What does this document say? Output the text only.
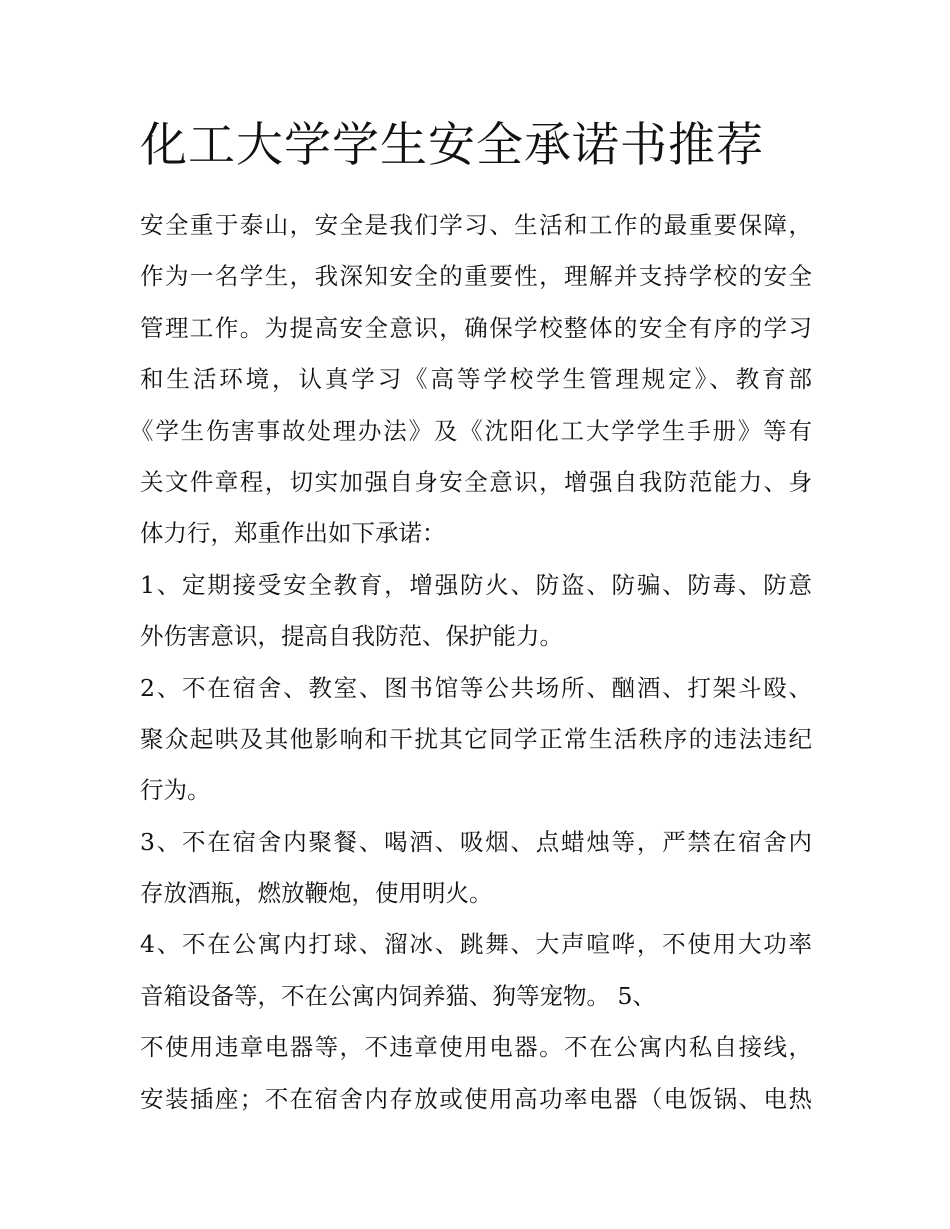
化工大学学生安全承诺书推荐
安全重于泰山，安全是我们学习、生活和工作的最重要保障，
作为一名学生，我深知安全的重要性，理解并支持学校的安全
管理工作。为提高安全意识，确保学校整体的安全有序的学习
和生活环境，认真学习《高等学校学生管理规定》、教育部
《学生伤害事故处理办法》及《沈阳化工大学学生手册》等有
关文件章程，切实加强自身安全意识，增强自我防范能力、身
体力行，郑重作出如下承诺：
1、定期接受安全教育，增强防火、防盗、防骗、防毒、防意
外伤害意识，提高自我防范、保护能力。
2、不在宿舍、教室、图书馆等公共场所、酗酒、打架斗殴、
聚众起哄及其他影响和干扰其它同学正常生活秩序的违法违纪
行为。
3、不在宿舍内聚餐、喝酒、吸烟、点蜡烛等，严禁在宿舍内
存放酒瓶，燃放鞭炮，使用明火。
4、不在公寓内打球、溜冰、跳舞、大声喧哗，不使用大功率
音箱设备等，不在公寓内饲养猫、狗等宠物。 5、
不使用违章电器等，不违章使用电器。不在公寓内私自接线，
安装插座；不在宿舍内存放或使用高功率电器（电饭锅、电热
